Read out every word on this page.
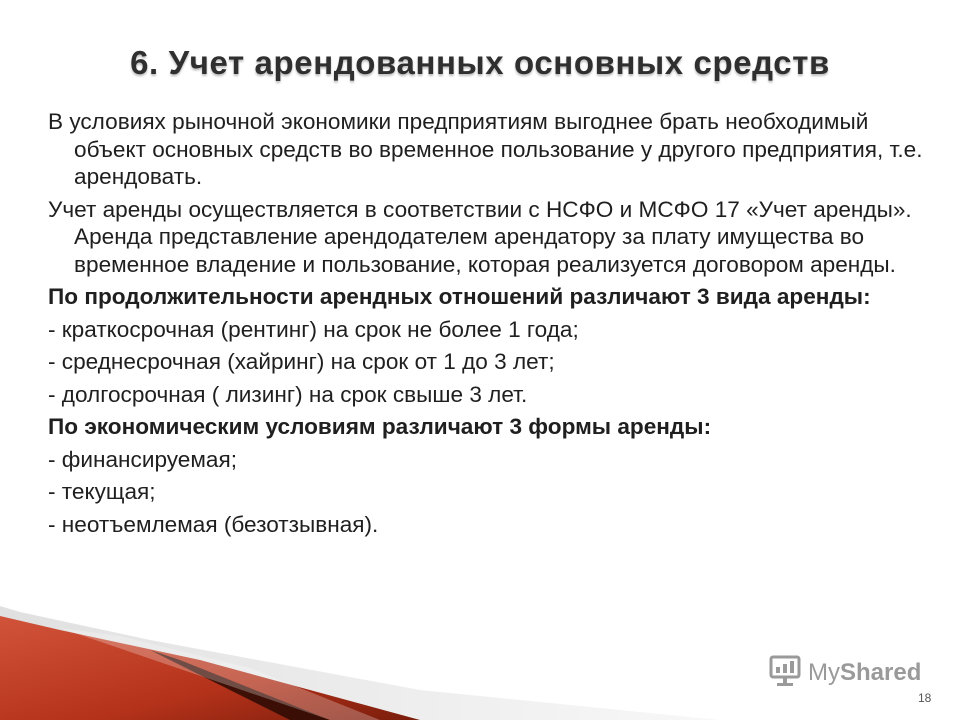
6. Учет арендованных основных средств

В условиях рыночной экономики предприятиям выгоднее брать необходимый объект основных средств во временное пользование у другого предприятия, т.е. арендовать.

Учет аренды осуществляется в соответствии с НСФО и МСФО 17 «Учет аренды». Аренда представление арендодателем арендатору за плату имущества во временное владение и пользование, которая реализуется договором аренды.

По продолжительности арендных отношений различают 3 вида аренды:

- краткосрочная (рентинг) на срок не более 1 года;
- среднесрочная (хайринг) на срок от 1 до 3 лет;
- долгосрочная ( лизинг) на срок свыше 3 лет.

По экономическим условиям различают 3 формы аренды:

- финансируемая;
- текущая;
- неотъемлемая (безотзывная).
MyShared
18
